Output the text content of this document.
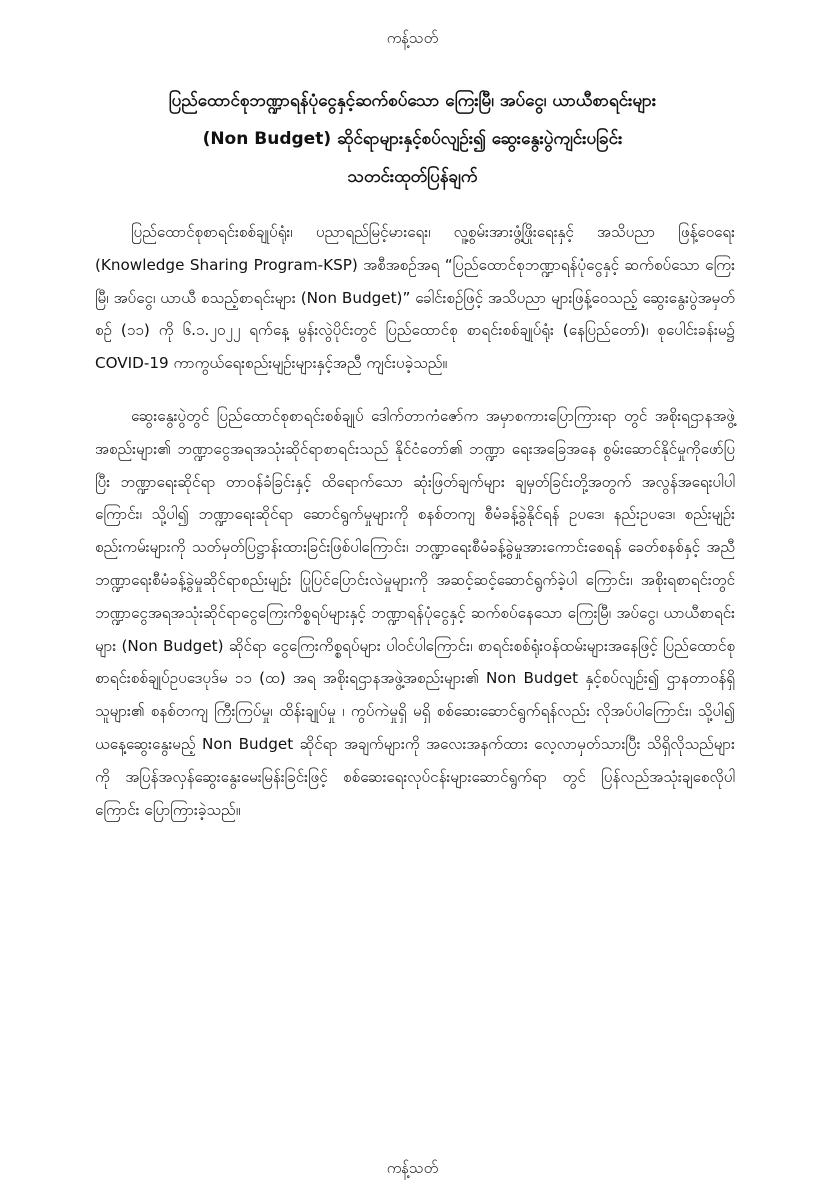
ကန့်သတ်
ပြည်ထောင်စုဘဏ္ဍာရန်ပုံငွေနှင့်ဆက်စပ်သော ကြေးမြီ၊ အပ်ငွေ၊ ယာယီစာရင်းများ
(Non Budget) ဆိုင်ရာများနှင့်စပ်လျဉ်း၍ ဆွေးနွေးပွဲကျင်းပခြင်း
သတင်းထုတ်ပြန်ချက်

ပြည်ထောင်စုစာရင်းစစ်ချုပ်ရုံး၊ ပညာရည်မြင့်မားရေး၊ လူ့စွမ်းအားဖွံ့ဖြိုးရေးနှင့် အသိပညာ ဖြန့်ဝေရေး (Knowledge Sharing Program-KSP) အစီအစဉ်အရ “ပြည်ထောင်စုဘဏ္ဍာရန်ပုံငွေနှင့် ဆက်စပ်သော ကြေးမြီ၊ အပ်ငွေ၊ ယာယီ စသည့်စာရင်းများ (Non Budget)” ခေါင်းစဉ်ဖြင့် အသိပညာ များဖြန့်ဝေသည့် ဆွေးနွေးပွဲအမှတ်စဉ် (၁၁) ကို ၆.၁.၂၀၂၂ ရက်နေ့ မွန်းလွဲပိုင်းတွင် ပြည်ထောင်စု စာရင်းစစ်ချုပ်ရုံး (နေပြည်တော်)၊ စုပေါင်းခန်းမ၌ COVID-19 ကာကွယ်ရေးစည်းမျဉ်းများနှင့်အညီ ကျင်းပခဲ့သည်။

ဆွေးနွေးပွဲတွင် ပြည်ထောင်စုစာရင်းစစ်ချုပ် ဒေါက်တာကံဇော်က အမှာစကားပြောကြားရာ တွင် အစိုးရဌာနအဖွဲ့အစည်းများ၏ ဘဏ္ဍာငွေအရအသုံးဆိုင်ရာစာရင်းသည် နိုင်ငံတော်၏ ဘဏ္ဍာ ရေးအခြေအနေ စွမ်းဆောင်နိုင်မှုကိုဖော်ပြပြီး ဘဏ္ဍာရေးဆိုင်ရာ တာဝန်ခံခြင်းနှင့် ထိရောက်သော ဆုံးဖြတ်ချက်များ ချမှတ်ခြင်းတို့အတွက် အလွန်အရေးပါပါကြောင်း၊ သို့ပါ၍ ဘဏ္ဍာရေးဆိုင်ရာ ဆောင်ရွက်မှုများကို စနစ်တကျ စီမံခန့်ခွဲနိုင်ရန် ဥပဒေ၊ နည်းဥပဒေ၊ စည်းမျဉ်းစည်းကမ်းများကို သတ်မှတ်ပြဋ္ဌာန်းထားခြင်းဖြစ်ပါကြောင်း၊ ဘဏ္ဍာရေးစီမံခန့်ခွဲမှုအားကောင်းစေရန် ခေတ်စနစ်နှင့် အညီ ဘဏ္ဍာရေးစီမံခန့်ခွဲမှုဆိုင်ရာစည်းမျဉ်း ပြုပြင်ပြောင်းလဲမှုများကို အဆင့်ဆင့်ဆောင်ရွက်ခဲ့ပါ ကြောင်း၊ အစိုးရစာရင်းတွင် ဘဏ္ဍာငွေအရအသုံးဆိုင်ရာငွေကြေးကိစ္စရပ်များနှင့် ဘဏ္ဍာရန်ပုံငွေနှင့် ဆက်စပ်နေသော ကြေးမြီ၊ အပ်ငွေ၊ ယာယီစာရင်းများ (Non Budget) ဆိုင်ရာ ငွေကြေးကိစ္စရပ်များ ပါဝင်ပါကြောင်း၊ စာရင်းစစ်ရုံးဝန်ထမ်းများအနေဖြင့် ပြည်ထောင်စုစာရင်းစစ်ချုပ်ဥပဒေပုဒ်မ ၁၁ (ထ) အရ အစိုးရဌာနအဖွဲ့အစည်းများ၏ Non Budget နှင့်စပ်လျဉ်း၍ ဌာနတာဝန်ရှိသူများ၏ စနစ်တကျ ကြီးကြပ်မှု၊ ထိန်းချုပ်မှု ၊ ကွပ်ကဲမှုရှိ မရှိ စစ်ဆေးဆောင်ရွက်ရန်လည်း လိုအပ်ပါကြောင်း၊ သို့ပါ၍ ယနေ့ဆွေးနွေးမည့် Non Budget ဆိုင်ရာ အချက်များကို အလေးအနက်ထား လေ့လာမှတ်သားပြီး သိရှိလိုသည်များကို အပြန်အလှန်ဆွေးနွေးမေးမြန်းခြင်းဖြင့် စစ်ဆေးရေးလုပ်ငန်းများဆောင်ရွက်ရာ တွင် ပြန်လည်အသုံးချစေလိုပါကြောင်း ပြောကြားခဲ့သည်။

ကန့်သတ်
